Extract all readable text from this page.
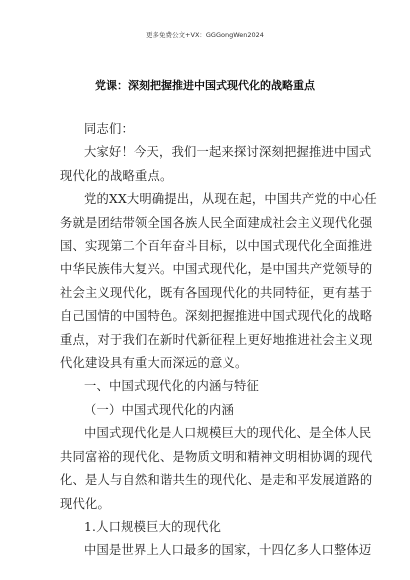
更多免费公文+VX：GGGongWen2024
党课：深刻把握推进中国式现代化的战略重点

同志们：

大家好！今天，我们一起来探讨深刻把握推进中国式
现代化的战略重点。

党的XX大明确提出，从现在起，中国共产党的中心任
务就是团结带领全国各族人民全面建成社会主义现代化强
国、实现第二个百年奋斗目标，以中国式现代化全面推进
中华民族伟大复兴。中国式现代化，是中国共产党领导的
社会主义现代化，既有各国现代化的共同特征，更有基于
自己国情的中国特色。深刻把握推进中国式现代化的战略
重点，对于我们在新时代新征程上更好地推进社会主义现
代化建设具有重大而深远的意义。

一、中国式现代化的内涵与特征

（一）中国式现代化的内涵

中国式现代化是人口规模巨大的现代化、是全体人民
共同富裕的现代化、是物质文明和精神文明相协调的现代
化、是人与自然和谐共生的现代化、是走和平发展道路的
现代化。

1.人口规模巨大的现代化

中国是世界上人口最多的国家，十四亿多人口整体迈
